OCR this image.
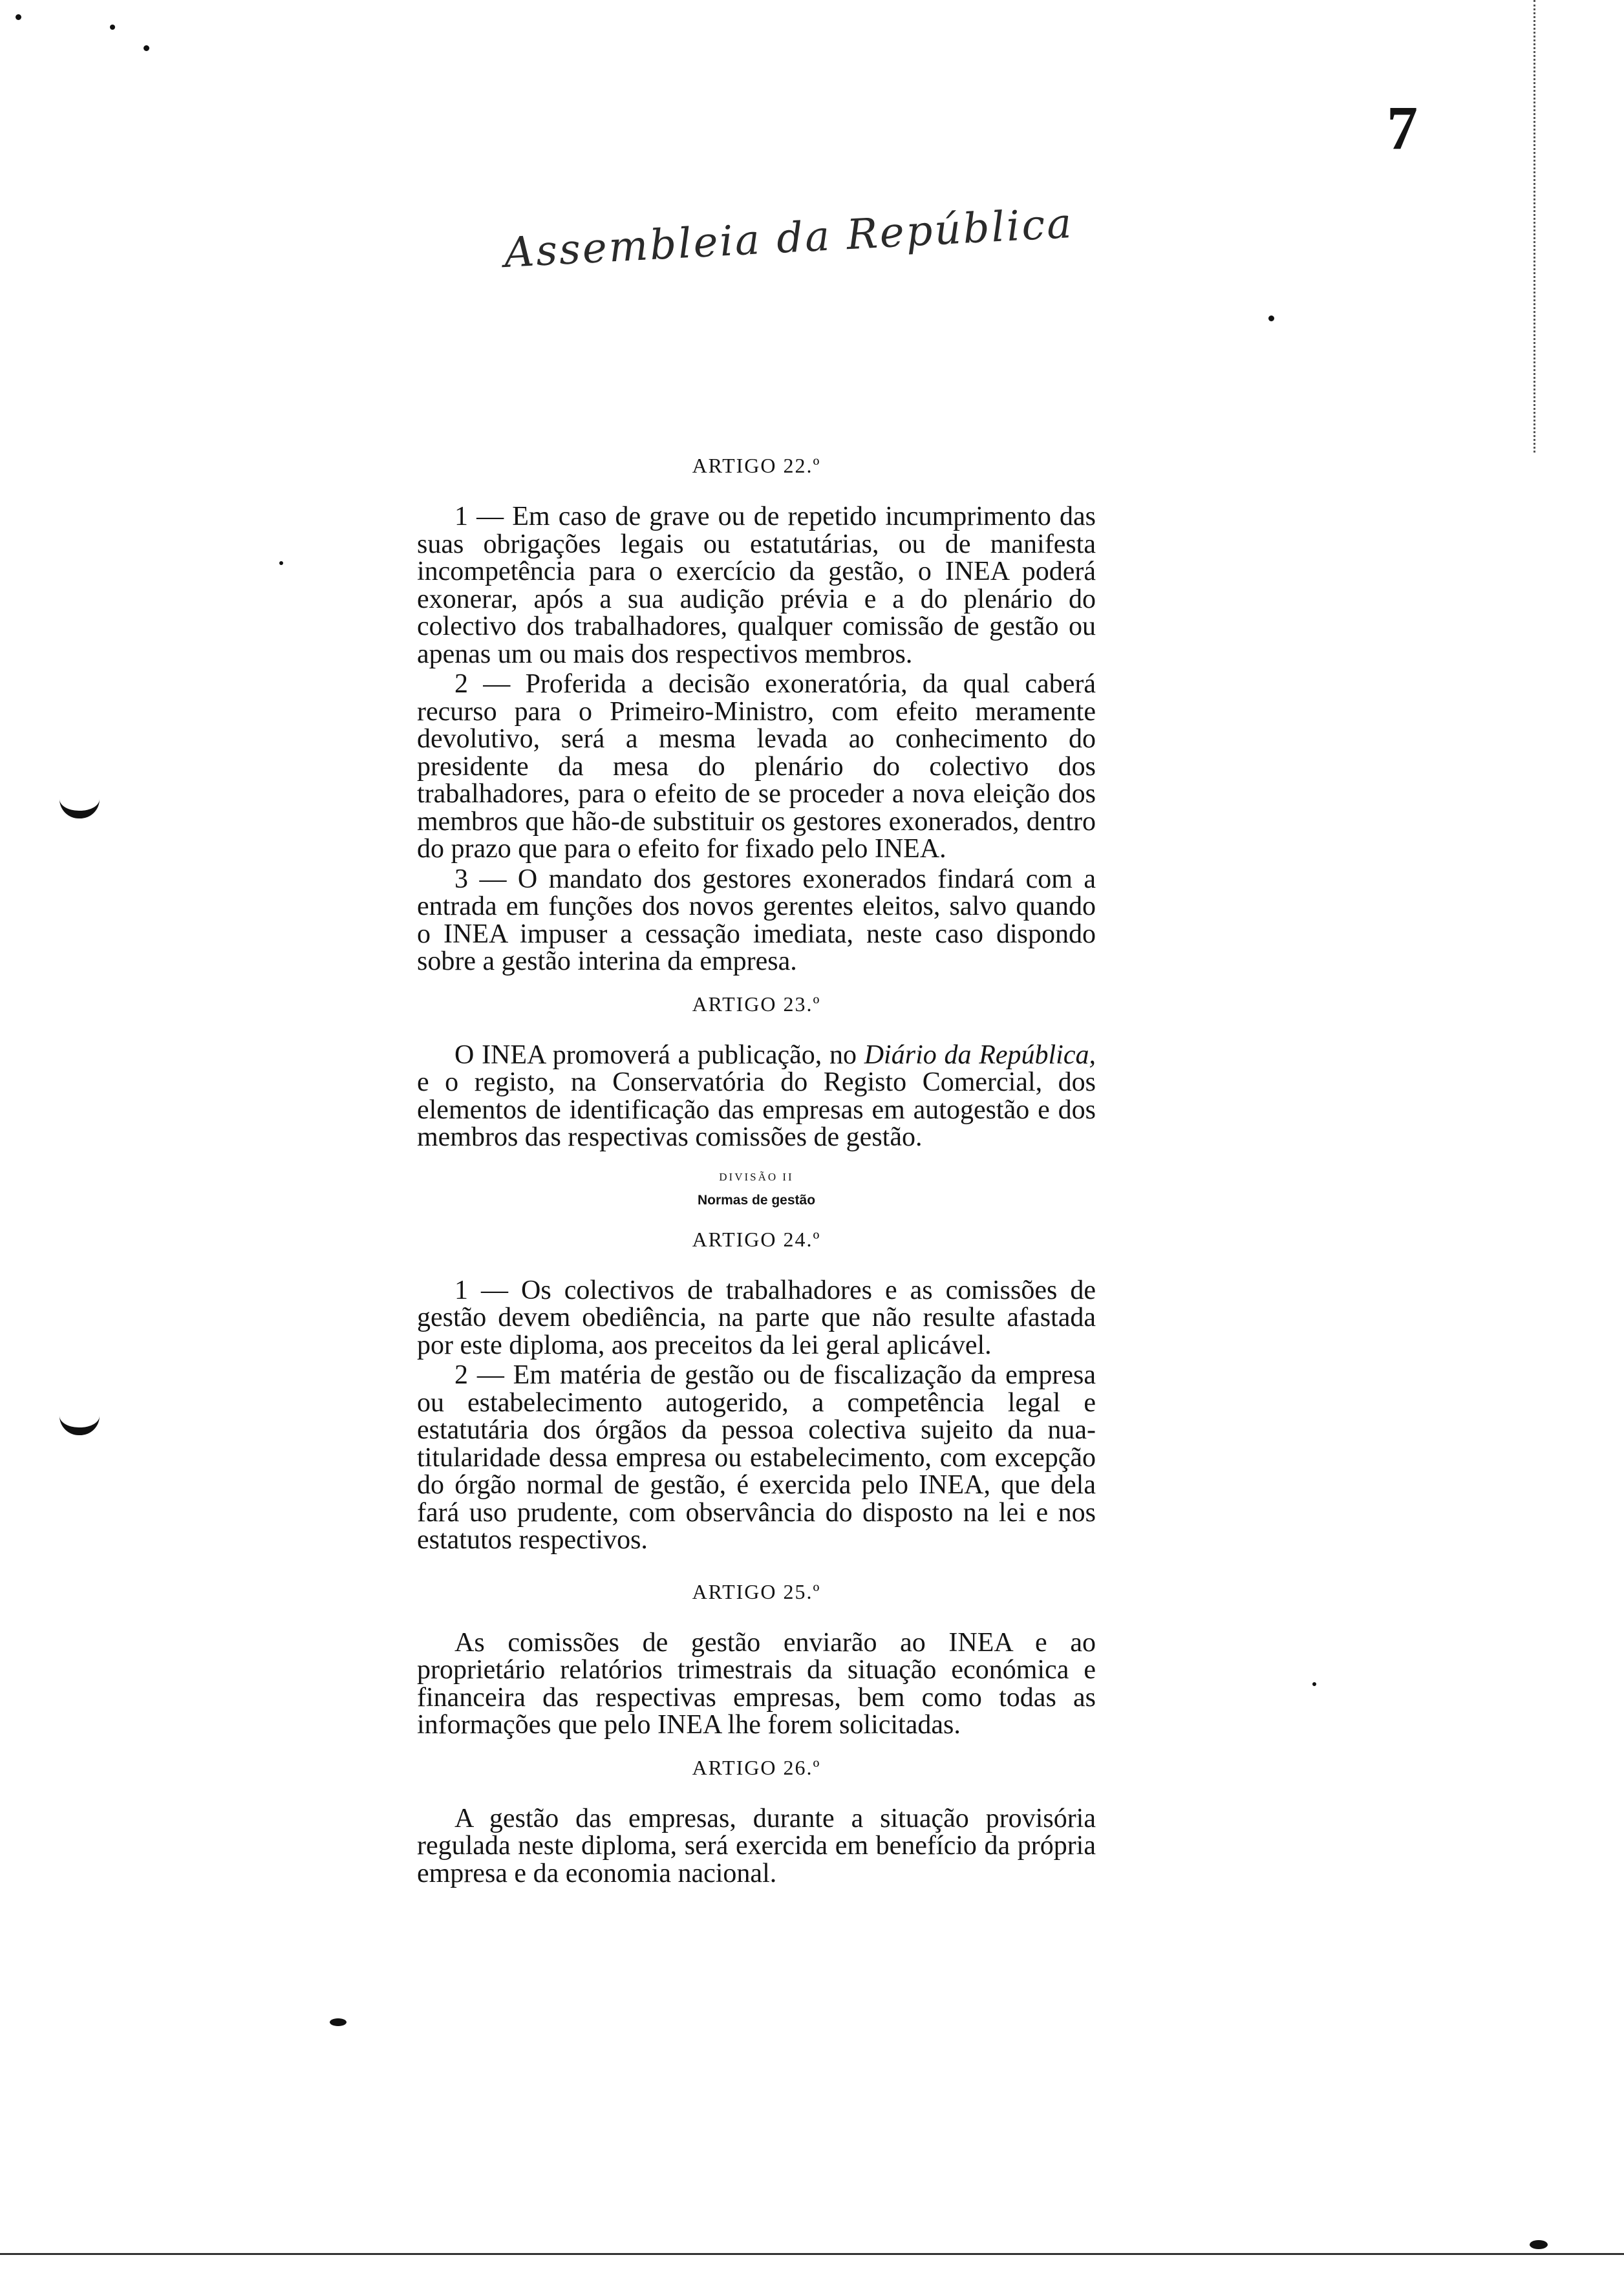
7
Assembleia da República
ARTIGO 22.º

1 — Em caso de grave ou de repetido incumprimento das suas obrigações legais ou estatutárias, ou de manifesta incompetência para o exercício da gestão, o INEA poderá exonerar, após a sua audição prévia e a do plenário do colectivo dos trabalhadores, qualquer comissão de gestão ou apenas um ou mais dos respectivos membros.

2 — Proferida a decisão exoneratória, da qual caberá recurso para o Primeiro-Ministro, com efeito meramente devolutivo, será a mesma levada ao conhecimento do presidente da mesa do plenário do colectivo dos trabalhadores, para o efeito de se proceder a nova eleição dos membros que hão-de substituir os gestores exonerados, dentro do prazo que para o efeito for fixado pelo INEA.

3 — O mandato dos gestores exonerados findará com a entrada em funções dos novos gerentes eleitos, salvo quando o INEA impuser a cessação imediata, neste caso dispondo sobre a gestão interina da empresa.

ARTIGO 23.º

O INEA promoverá a publicação, no Diário da República, e o registo, na Conservatória do Registo Comercial, dos elementos de identificação das empresas em autogestão e dos membros das respectivas comissões de gestão.

DIVISÃO II
Normas de gestão
ARTIGO 24.º

1 — Os colectivos de trabalhadores e as comissões de gestão devem obediência, na parte que não resulte afastada por este diploma, aos preceitos da lei geral aplicável.

2 — Em matéria de gestão ou de fiscalização da empresa ou estabelecimento autogerido, a competência legal e estatutária dos órgãos da pessoa colectiva sujeito da nua-titularidade dessa empresa ou estabelecimento, com excepção do órgão normal de gestão, é exercida pelo INEA, que dela fará uso prudente, com observância do disposto na lei e nos estatutos respectivos.

ARTIGO 25.º

As comissões de gestão enviarão ao INEA e ao proprietário relatórios trimestrais da situação económica e financeira das respectivas empresas, bem como todas as informações que pelo INEA lhe forem solicitadas.

ARTIGO 26.º

A gestão das empresas, durante a situação provisória regulada neste diploma, será exercida em benefício da própria empresa e da economia nacional.
